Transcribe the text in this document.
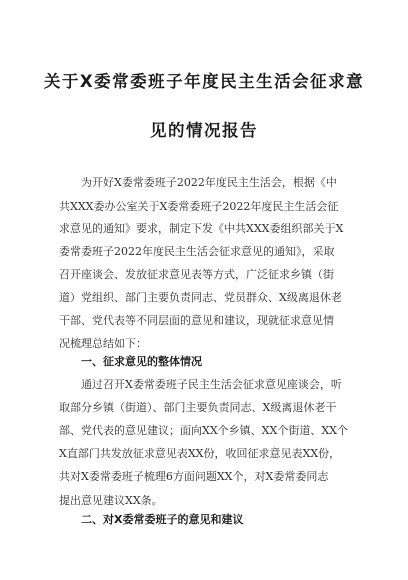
关于X委常委班子年度民主生活会征求意
见的情况报告
为开好X委常委班子2022年度民主生活会，根据《中
共XXX委办公室关于X委常委班子2022年度民主生活会征
求意见的通知》要求，制定下发《中共XXX委组织部关于X
委常委班子2022年度民主生活会征求意见的通知》，采取
召开座谈会、发放征求意见表等方式，广泛征求乡镇（街
道）党组织、部门主要负责同志、党员群众、X级离退休老
干部、党代表等不同层面的意见和建议，现就征求意见情
况梳理总结如下：
一、征求意见的整体情况
通过召开X委常委班子民主生活会征求意见座谈会，听
取部分乡镇（街道）、部门主要负责同志、X级离退休老干
部、党代表的意见建议；面向XX个乡镇、XX个街道、XX个
X直部门共发放征求意见表XX份，收回征求意见表XX份，
共对X委常委班子梳理6方面问题XX个，对X委常委同志
提出意见建议XX条。
二、对X委常委班子的意见和建议
